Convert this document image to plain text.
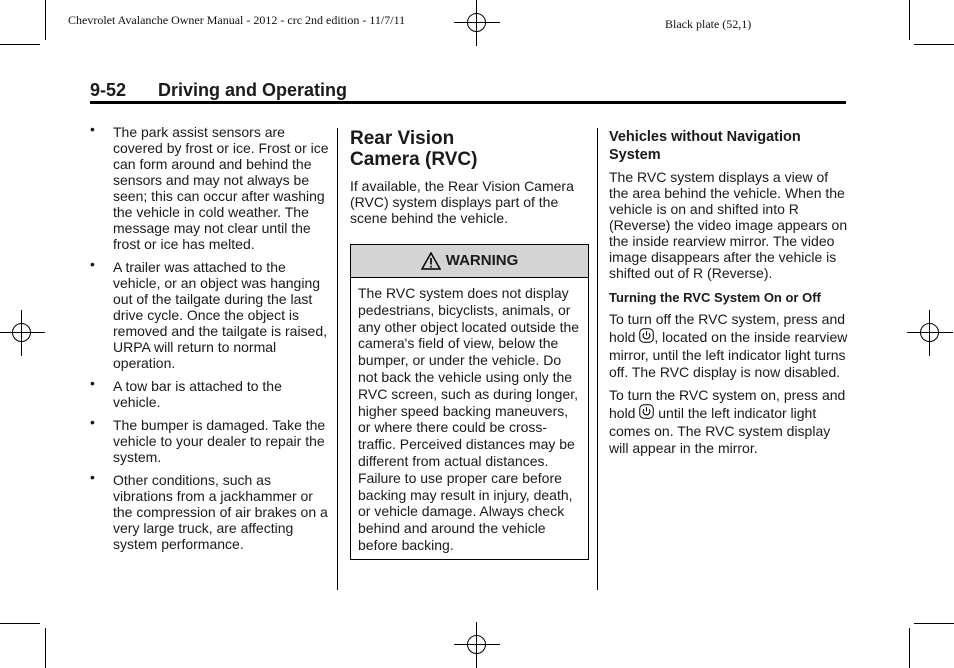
Chevrolet Avalanche Owner Manual - 2012 - crc 2nd edition - 11/7/11	Black plate (52,1)
9-52 Driving and Operating
• The park assist sensors are covered by frost or ice. Frost or ice can form around and behind the sensors and may not always be seen; this can occur after washing the vehicle in cold weather. The message may not clear until the frost or ice has melted.
• A trailer was attached to the vehicle, or an object was hanging out of the tailgate during the last drive cycle. Once the object is removed and the tailgate is raised, URPA will return to normal operation.
• A tow bar is attached to the vehicle.
• The bumper is damaged. Take the vehicle to your dealer to repair the system.
• Other conditions, such as vibrations from a jackhammer or the compression of air brakes on a very large truck, are affecting system performance.
Rear Vision
Camera (RVC)

If available, the Rear Vision Camera (RVC) system displays part of the scene behind the vehicle.

WARNING
The RVC system does not display pedestrians, bicyclists, animals, or any other object located outside the camera's field of view, below the bumper, or under the vehicle. Do not back the vehicle using only the RVC screen, such as during longer, higher speed backing maneuvers, or where there could be cross-traffic. Perceived distances may be different from actual distances. Failure to use proper care before backing may result in injury, death, or vehicle damage. Always check behind and around the vehicle before backing.
Vehicles without Navigation System

The RVC system displays a view of the area behind the vehicle. When the vehicle is on and shifted into R (Reverse) the video image appears on the inside rearview mirror. The video image disappears after the vehicle is shifted out of R (Reverse).

Turning the RVC System On or Off

To turn off the RVC system, press and hold , located on the inside rearview mirror, until the left indicator light turns off. The RVC display is now disabled.

To turn the RVC system on, press and hold until the left indicator light comes on. The RVC system display will appear in the mirror.
